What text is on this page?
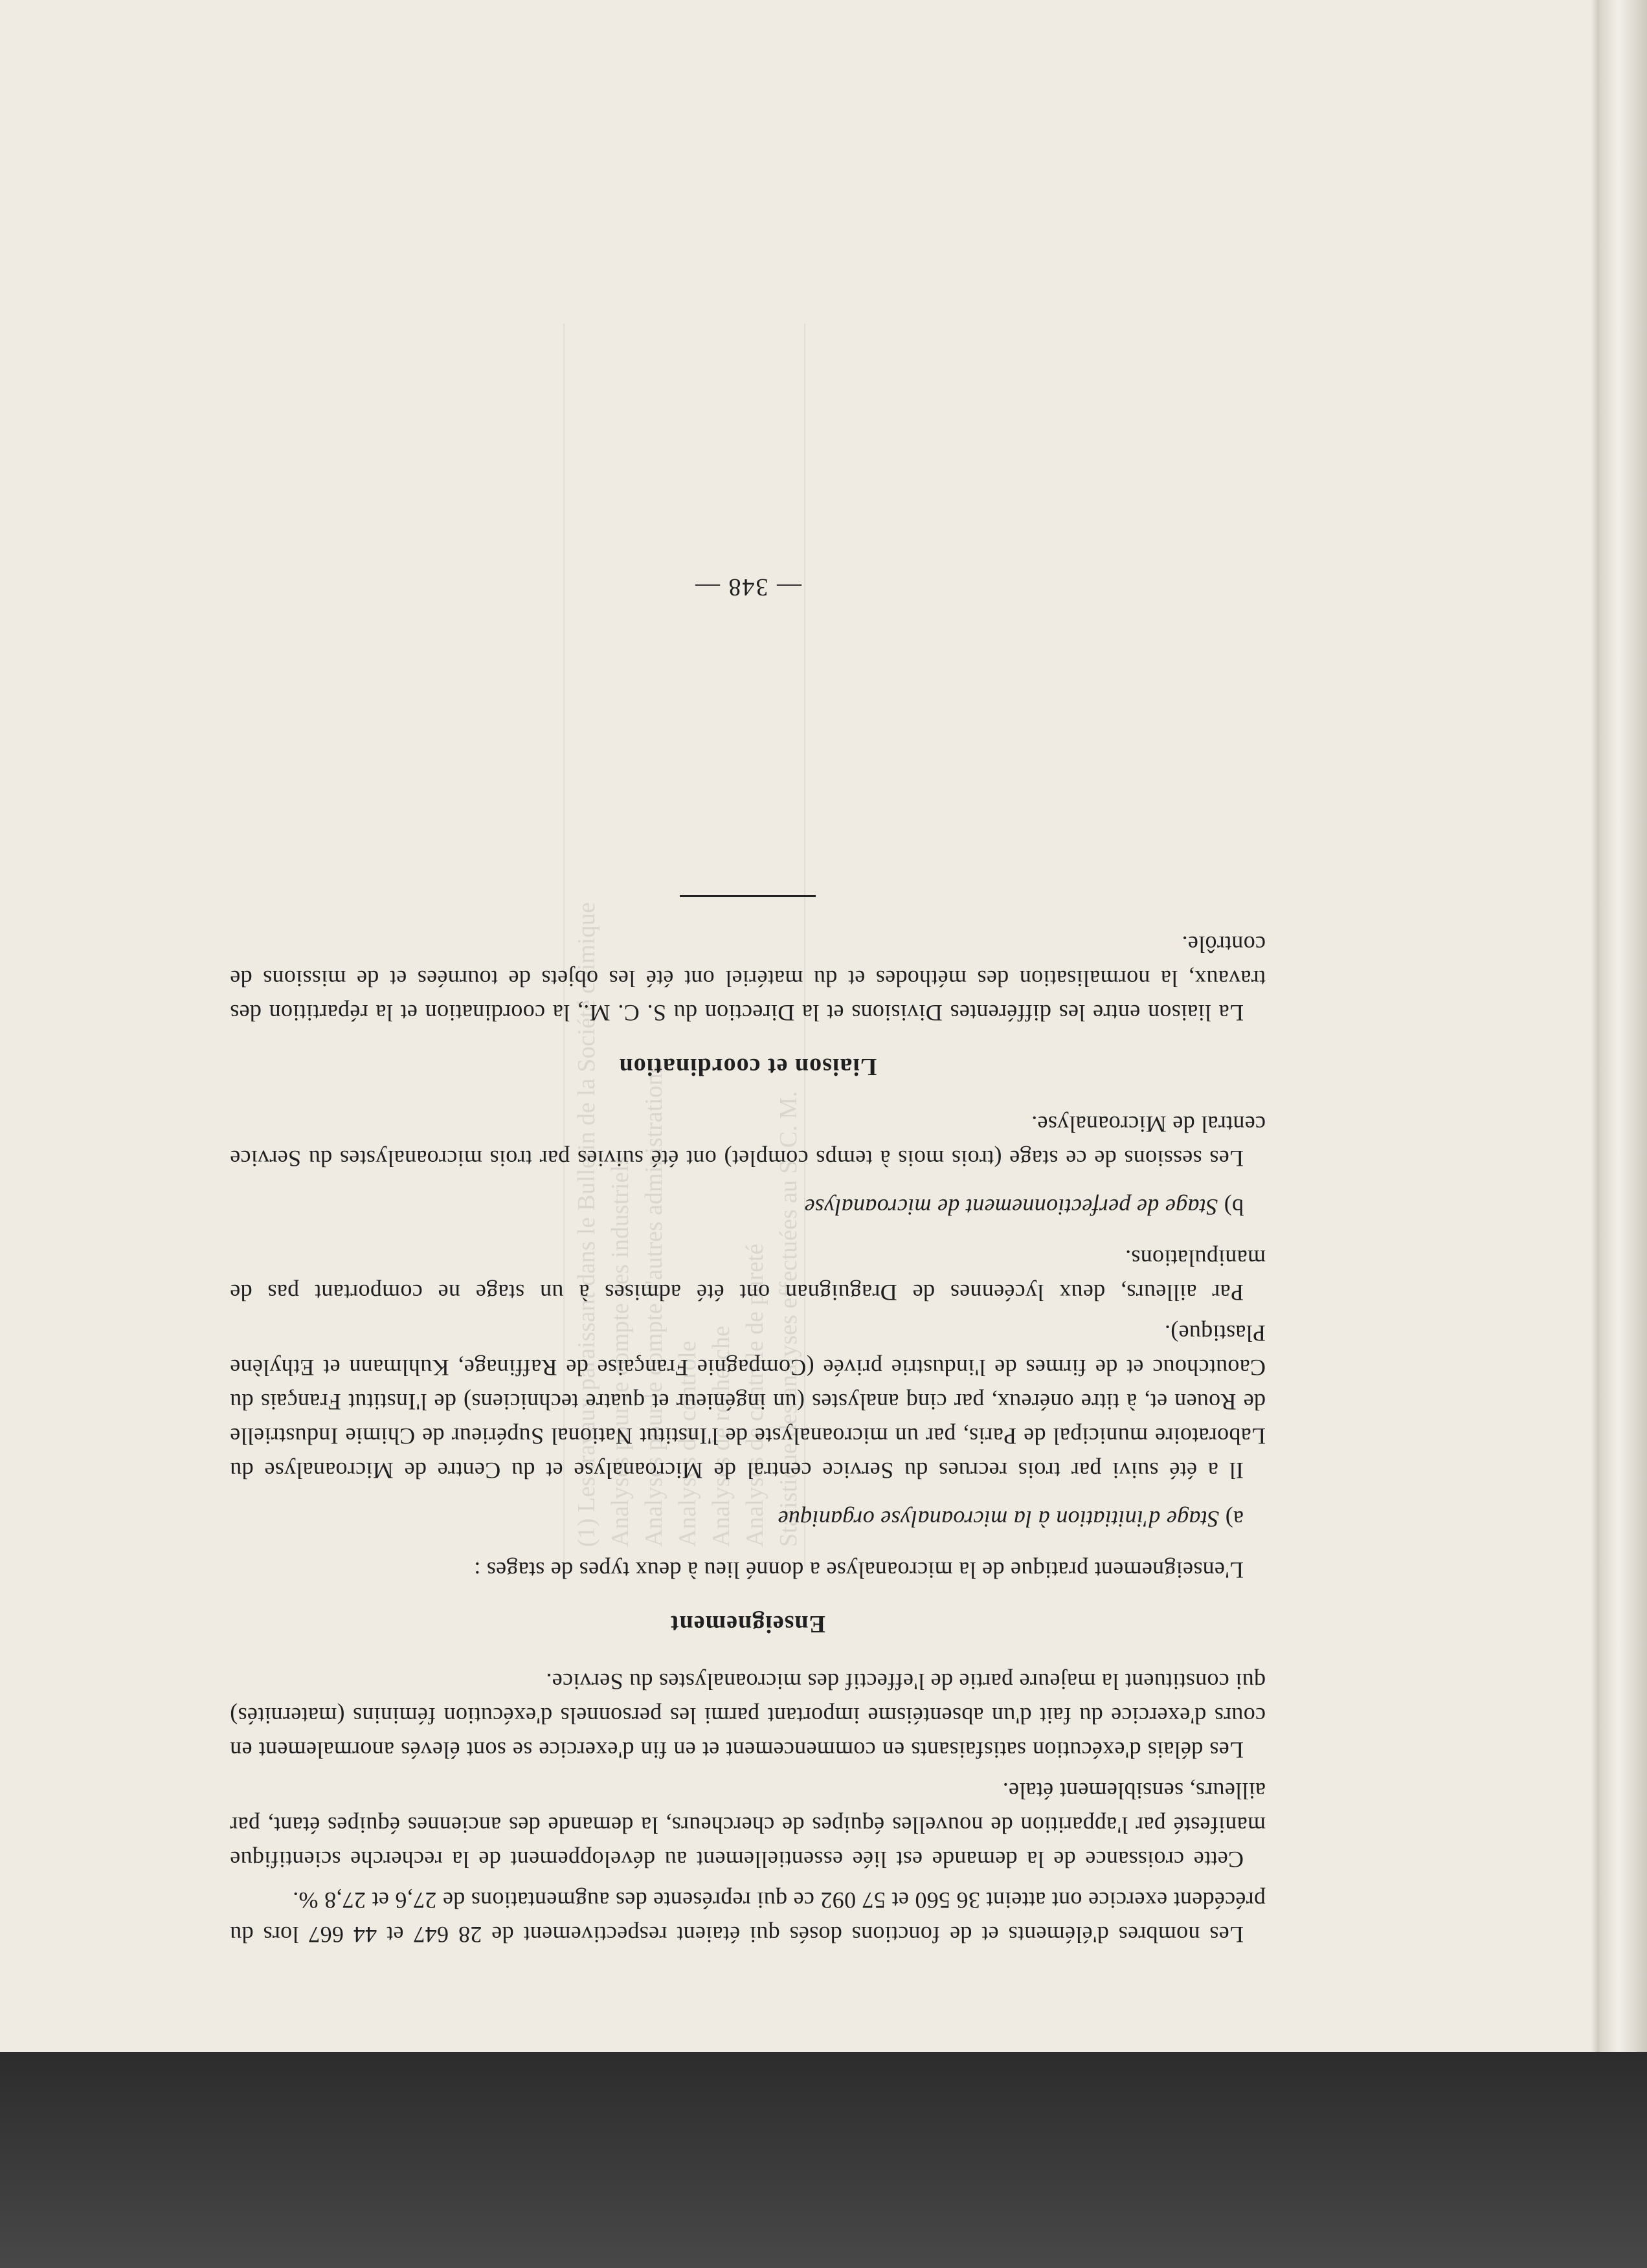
(1) Les travaux paraissant dans le Bulletin de la Société chimique Analyses pour le compte des industriels Analyses pour le compte d'autres administrations Analyses de contrôle Analyses de recherche Analyses de contrôle de pureté Statistique des analyses effectuées au S. C. M.

Les nombres d'éléments et de fonctions dosés qui étaient respectivement de 28 647 et 44 667 lors du précédent exercice ont atteint 36 560 et 57 092 ce qui représente des augmentations de 27,6 et 27,8 %.

Cette croissance de la demande est liée essentiellement au développement de la recherche scientifique manifesté par l'apparition de nouvelles équipes de chercheurs, la demande des anciennes équipes étant, par ailleurs, sensiblement étale.

Les délais d'exécution satisfaisants en commencement et en fin d'exercice se sont élevés anormalement en cours d'exercice du fait d'un absentéisme important parmi les personnels d'exécution féminins (maternités) qui constituent la majeure partie de l'effectif des microanalystes du Service.

Enseignement

L'enseignement pratique de la microanalyse a donné lieu à deux types de stages :

a) Stage d'initiation à la microanalyse organique

Il a été suivi par trois recrues du Service central de Microanalyse et du Centre de Microanalyse du Laboratoire municipal de Paris, par un microanalyste de l'Institut National Supérieur de Chimie Industrielle de Rouen et, à titre onéreux, par cinq analystes (un ingénieur et quatre techniciens) de l'Institut Français du Caoutchouc et de firmes de l'industrie privée (Compagnie Française de Raffinage, Kuhlmann et Ethylène Plastique).

Par ailleurs, deux lycéennes de Draguignan ont été admises à un stage ne comportant pas de manipulations.

b) Stage de perfectionnement de microanalyse

Les sessions de ce stage (trois mois à temps complet) ont été suivies par trois microanalystes du Service central de Microanalyse.

Liaison et coordination

La liaison entre les différentes Divisions et la Direction du S. C. M., la coordination et la répartition des travaux, la normalisation des méthodes et du matériel ont été les objets de tournées et de missions de contrôle.

— 348 —
